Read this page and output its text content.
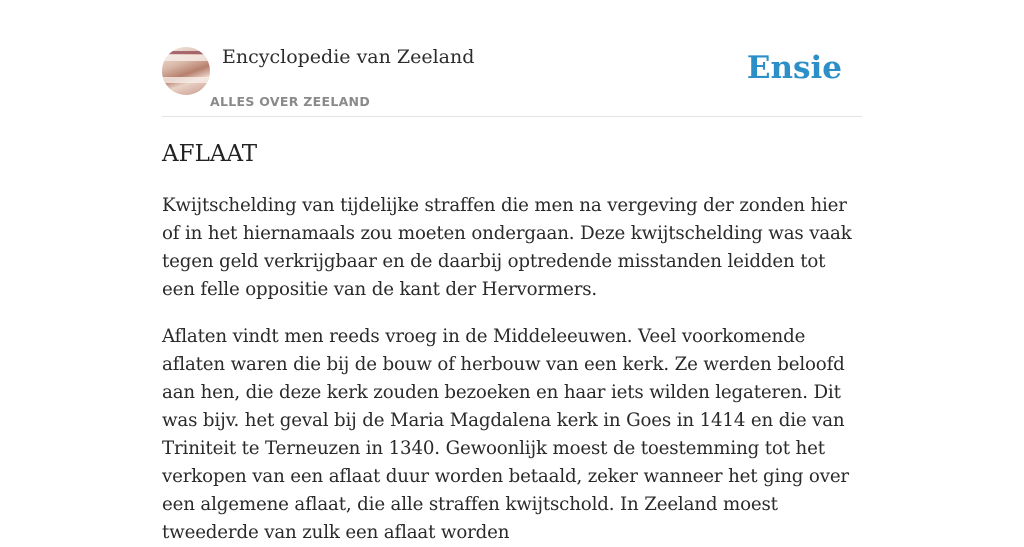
Encyclopedie van Zeeland
ALLES OVER ZEELAND
Ensie
AFLAAT

Kwijtschelding van tijdelijke straffen die men na vergeving der zonden hier of in het hiernamaals zou moeten ondergaan. Deze kwijtschelding was vaak tegen geld verkrijgbaar en de daarbij optredende misstanden leidden tot een felle oppositie van de kant der Hervormers.

Aflaten vindt men reeds vroeg in de Middeleeuwen. Veel voorkomende aflaten waren die bij de bouw of herbouw van een kerk. Ze werden beloofd aan hen, die deze kerk zouden bezoeken en haar iets wilden legateren. Dit was bijv. het geval bij de Maria Magdalena kerk in Goes in 1414 en die van Triniteit te Terneuzen in 1340. Gewoonlijk moest de toestemming tot het verkopen van een aflaat duur worden betaald, zeker wanneer het ging over een algemene aflaat, die alle straffen kwijtschold. In Zeeland moest tweederde van zulk een aflaat worden
